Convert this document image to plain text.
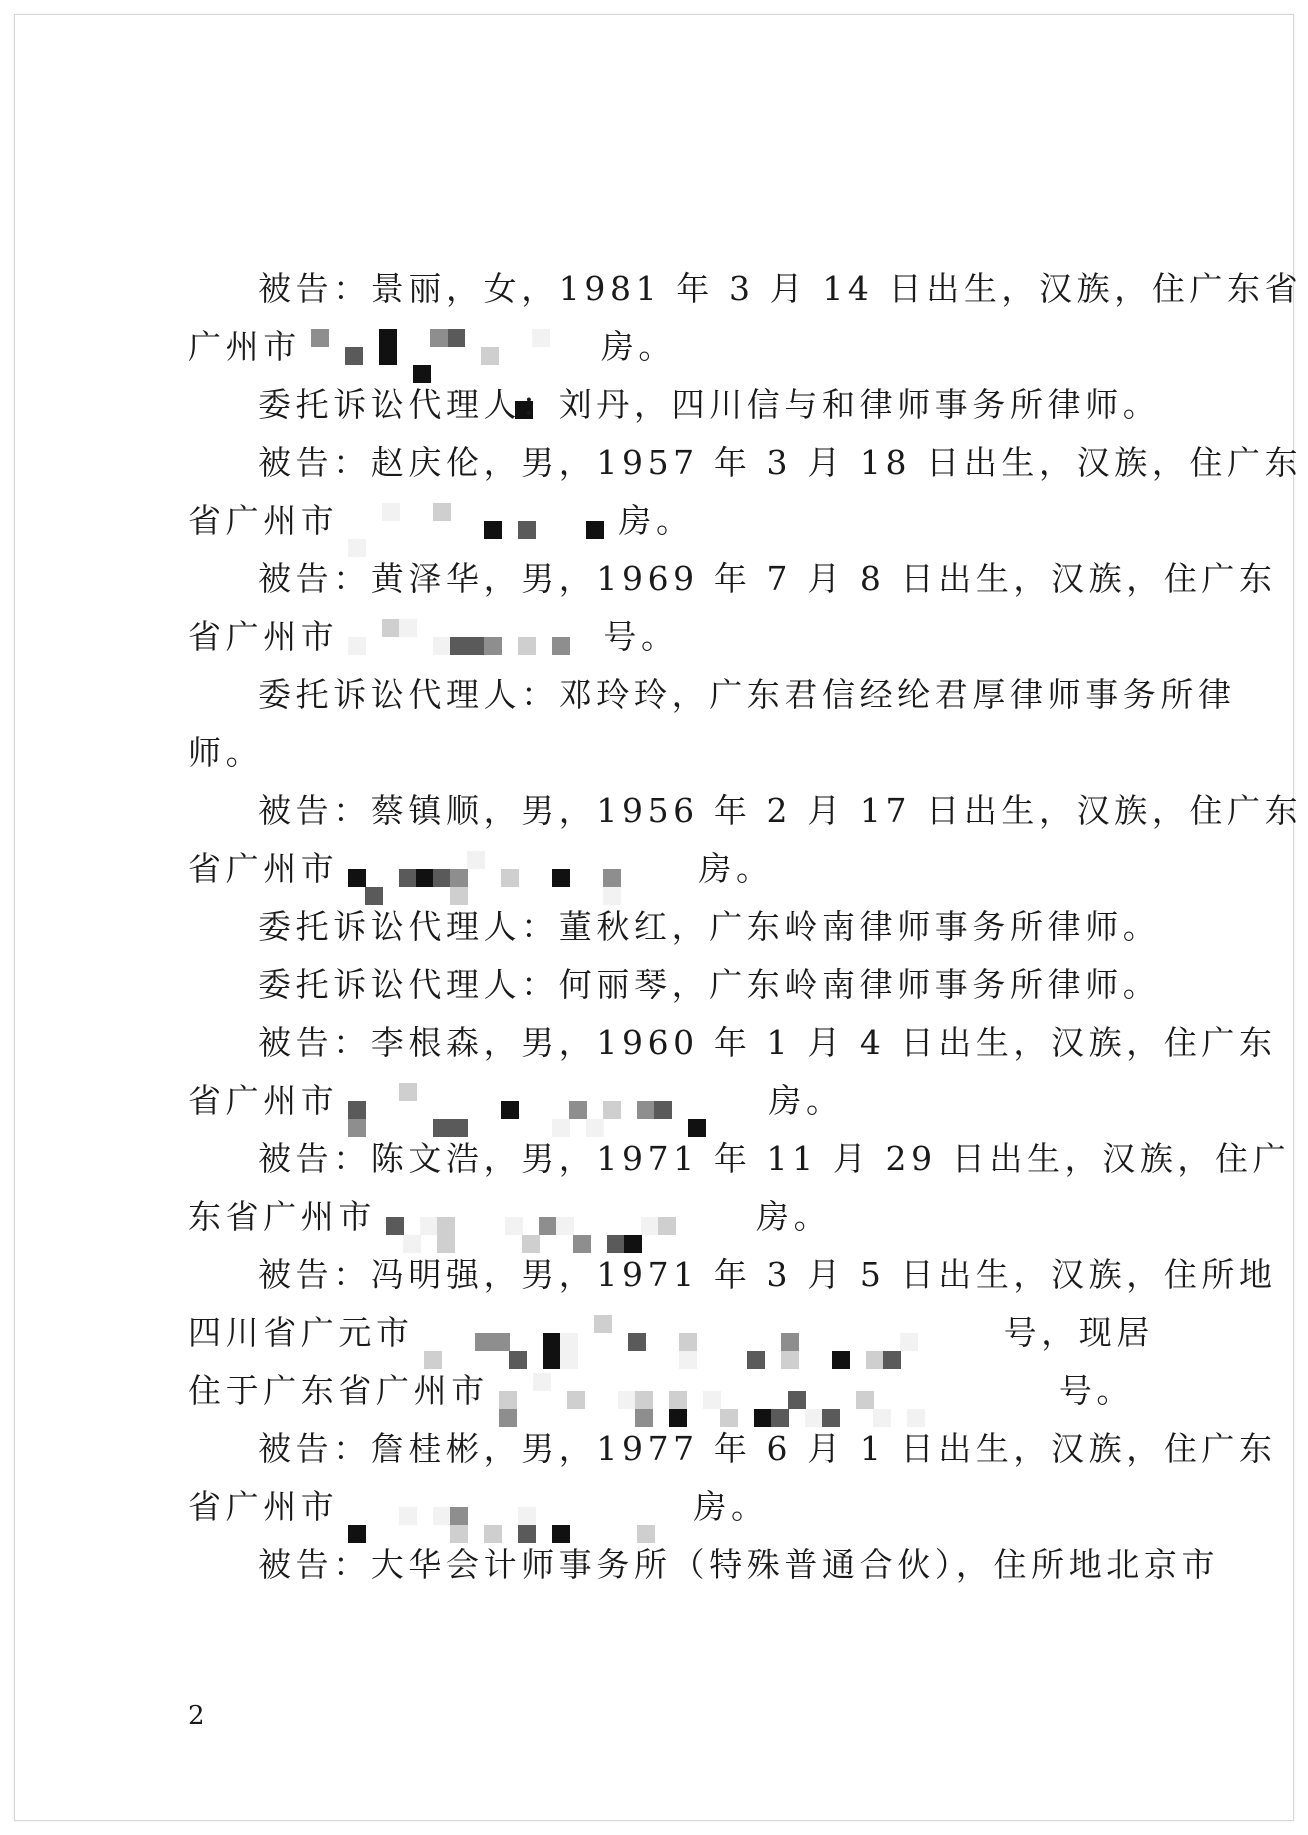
被告：景丽，女，1981 年 3 月 14 日出生，汉族，住广东省
广州市	房。
委托诉讼代理人：刘丹，四川信与和律师事务所律师。
被告：赵庆伦，男，1957 年 3 月 18 日出生，汉族，住广东
省广州市	房。
被告：黄泽华，男，1969 年 7 月 8 日出生，汉族，住广东
省广州市	号。
委托诉讼代理人：邓玲玲，广东君信经纶君厚律师事务所律
师。
被告：蔡镇顺，男，1956 年 2 月 17 日出生，汉族，住广东
省广州市	房。
委托诉讼代理人：董秋红，广东岭南律师事务所律师。
委托诉讼代理人：何丽琴，广东岭南律师事务所律师。
被告：李根森，男，1960 年 1 月 4 日出生，汉族，住广东
省广州市	房。
被告：陈文浩，男，1971 年 11 月 29 日出生，汉族，住广
东省广州市	房。
被告：冯明强，男，1971 年 3 月 5 日出生，汉族，住所地
四川省广元市	号，现居
住于广东省广州市	号。
被告：詹桂彬，男，1977 年 6 月 1 日出生，汉族，住广东
省广州市	房。
被告：大华会计师事务所（特殊普通合伙），住所地北京市
2
